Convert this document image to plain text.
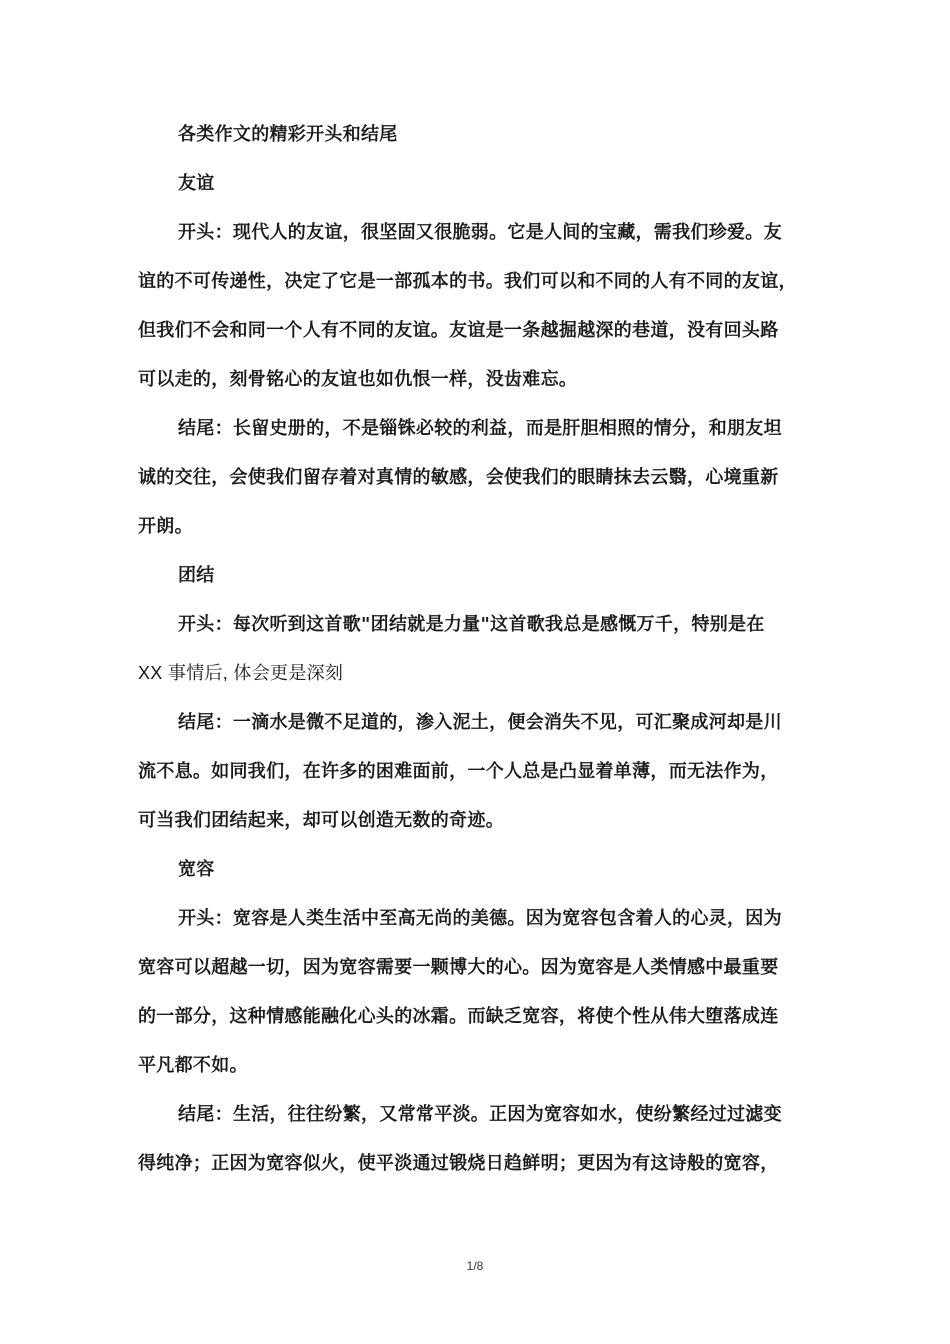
各类作文的精彩开头和结尾
友谊
开头：现代人的友谊，很坚固又很脆弱。它是人间的宝藏，需我们珍爱。友
谊的不可传递性，决定了它是一部孤本的书。我们可以和不同的人有不同的友谊，
但我们不会和同一个人有不同的友谊。友谊是一条越掘越深的巷道，没有回头路
可以走的，刻骨铭心的友谊也如仇恨一样，没齿难忘。
结尾：长留史册的，不是锱铢必较的利益，而是肝胆相照的情分，和朋友坦
诚的交往，会使我们留存着对真情的敏感，会使我们的眼睛抹去云翳，心境重新
开朗。
团结
开头：每次听到这首歌"团结就是力量"这首歌我总是感慨万千，特别是在
XX 事情后, 体会更是深刻
结尾：一滴水是微不足道的，渗入泥土，便会消失不见，可汇聚成河却是川
流不息。如同我们，在许多的困难面前，一个人总是凸显着单薄，而无法作为，
可当我们团结起来，却可以创造无数的奇迹。
宽容
开头：宽容是人类生活中至高无尚的美德。因为宽容包含着人的心灵，因为
宽容可以超越一切，因为宽容需要一颗博大的心。因为宽容是人类情感中最重要
的一部分，这种情感能融化心头的冰霜。而缺乏宽容，将使个性从伟大堕落成连
平凡都不如。
结尾：生活，往往纷繁，又常常平淡。正因为宽容如水，使纷繁经过过滤变
得纯净；正因为宽容似火，使平淡通过锻烧日趋鲜明；更因为有这诗般的宽容，
1/8
